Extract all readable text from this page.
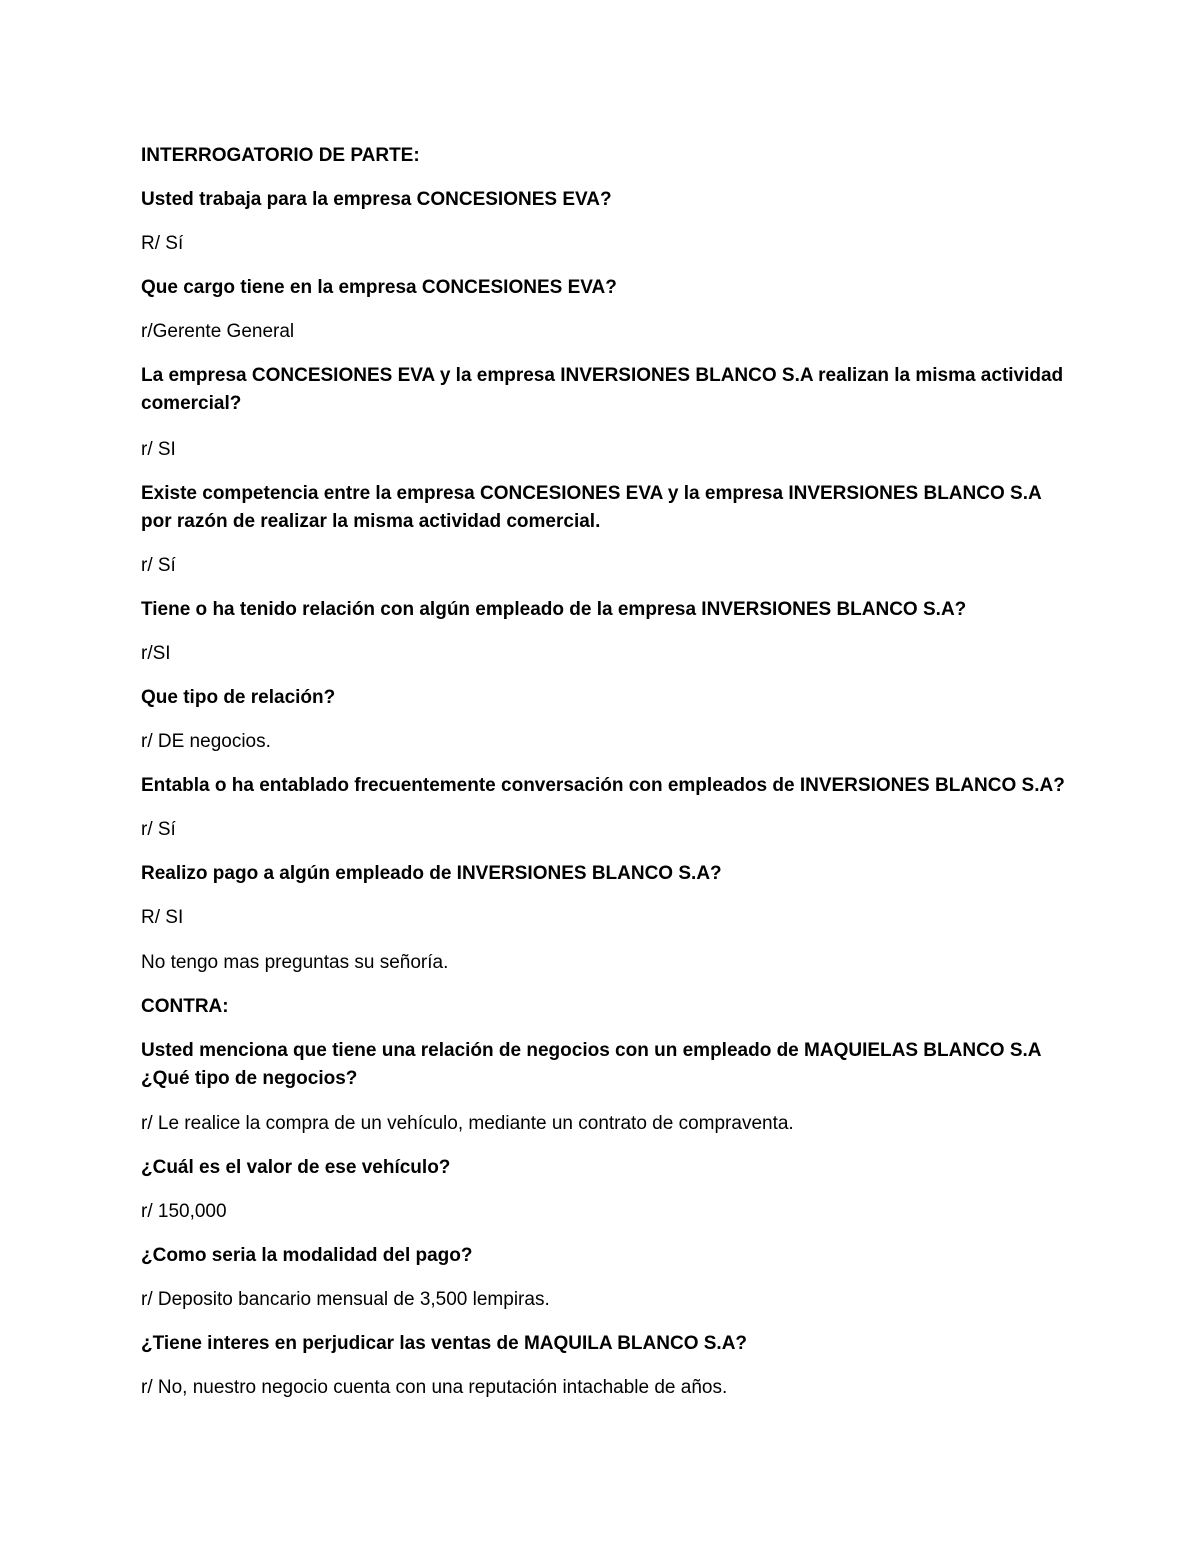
INTERROGATORIO DE PARTE:
Usted trabaja para la empresa CONCESIONES EVA?
R/ Sí
Que cargo tiene en la empresa CONCESIONES EVA?
r/Gerente General
La empresa CONCESIONES EVA y la empresa INVERSIONES BLANCO S.A realizan la misma actividad comercial?
r/ SI
Existe competencia entre la empresa CONCESIONES EVA y la empresa INVERSIONES BLANCO S.A por razón de realizar la misma actividad comercial.
r/ Sí
Tiene o ha tenido relación con algún empleado de la empresa INVERSIONES BLANCO S.A?
r/SI
Que tipo de relación?
r/ DE negocios.
Entabla o ha entablado frecuentemente conversación con empleados de INVERSIONES BLANCO S.A?
r/ Sí
Realizo pago a algún empleado de INVERSIONES BLANCO S.A?
R/ SI
No tengo mas preguntas su señoría.
CONTRA:
Usted menciona que tiene una relación de negocios con un empleado de MAQUIELAS BLANCO S.A ¿Qué tipo de negocios?
r/ Le realice la compra de un vehículo, mediante un contrato de compraventa.
¿Cuál es el valor de ese vehículo?
r/ 150,000
¿Como seria la modalidad del pago?
r/ Deposito bancario mensual de 3,500 lempiras.
¿Tiene interes en perjudicar las ventas de MAQUILA BLANCO S.A?
r/ No, nuestro negocio cuenta con una reputación intachable de años.
